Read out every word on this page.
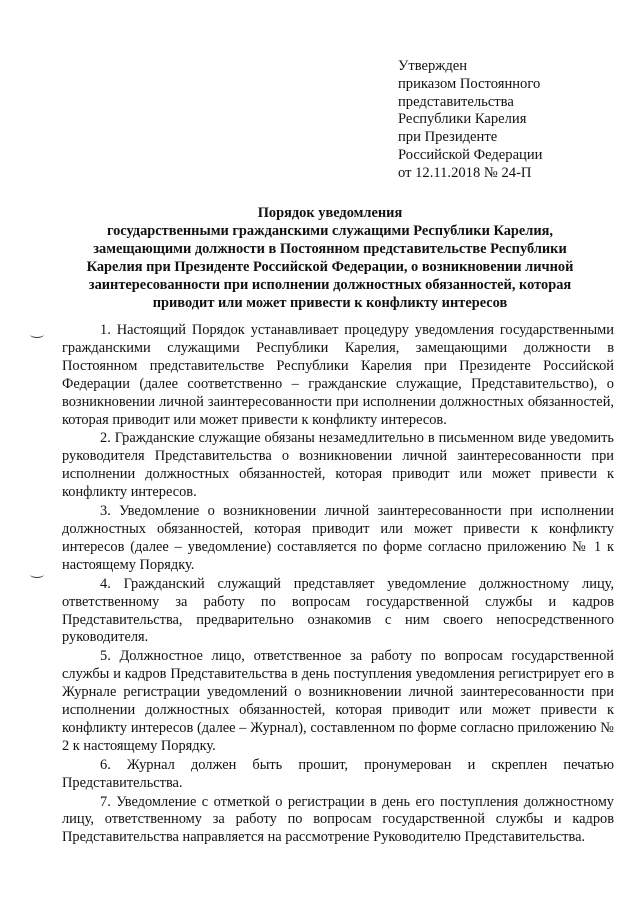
Утвержден
приказом Постоянного
представительства
Республики Карелия
при Президенте
Российской Федерации
от 12.11.2018 № 24-П
Порядок уведомления
государственными гражданскими служащими Республики Карелия,
замещающими должности в Постоянном представительстве Республики
Карелия при Президенте Российской Федерации, о возникновении личной
заинтересованности при исполнении должностных обязанностей, которая
приводит или может привести к конфликту интересов

1. Настоящий Порядок устанавливает процедуру уведомления государственными гражданскими служащими Республики Карелия, замещающими должности в Постоянном представительстве Республики Карелия при Президенте Российской Федерации (далее соответственно – гражданские служащие, Представительство), о возникновении личной заинтересованности при исполнении должностных обязанностей, которая приводит или может привести к конфликту интересов.

2. Гражданские служащие обязаны незамедлительно в письменном виде уведомить руководителя Представительства о возникновении личной заинтересованности при исполнении должностных обязанностей, которая приводит или может привести к конфликту интересов.

3. Уведомление о возникновении личной заинтересованности при исполнении должностных обязанностей, которая приводит или может привести к конфликту интересов (далее – уведомление) составляется по форме согласно приложению № 1 к настоящему Порядку.

4. Гражданский служащий представляет уведомление должностному лицу, ответственному за работу по вопросам государственной службы и кадров Представительства, предварительно ознакомив с ним своего непосредственного руководителя.

5. Должностное лицо, ответственное за работу по вопросам государственной службы и кадров Представительства в день поступления уведомления регистрирует его в Журнале регистрации уведомлений о возникновении личной заинтересованности при исполнении должностных обязанностей, которая приводит или может привести к конфликту интересов (далее – Журнал), составленном по форме согласно приложению № 2 к настоящему Порядку.

6. Журнал должен быть прошит, пронумерован и скреплен печатью Представительства.

7. Уведомление с отметкой о регистрации в день его поступления должностному лицу, ответственному за работу по вопросам государственной службы и кадров Представительства направляется на рассмотрение Руководителю Представительства.
